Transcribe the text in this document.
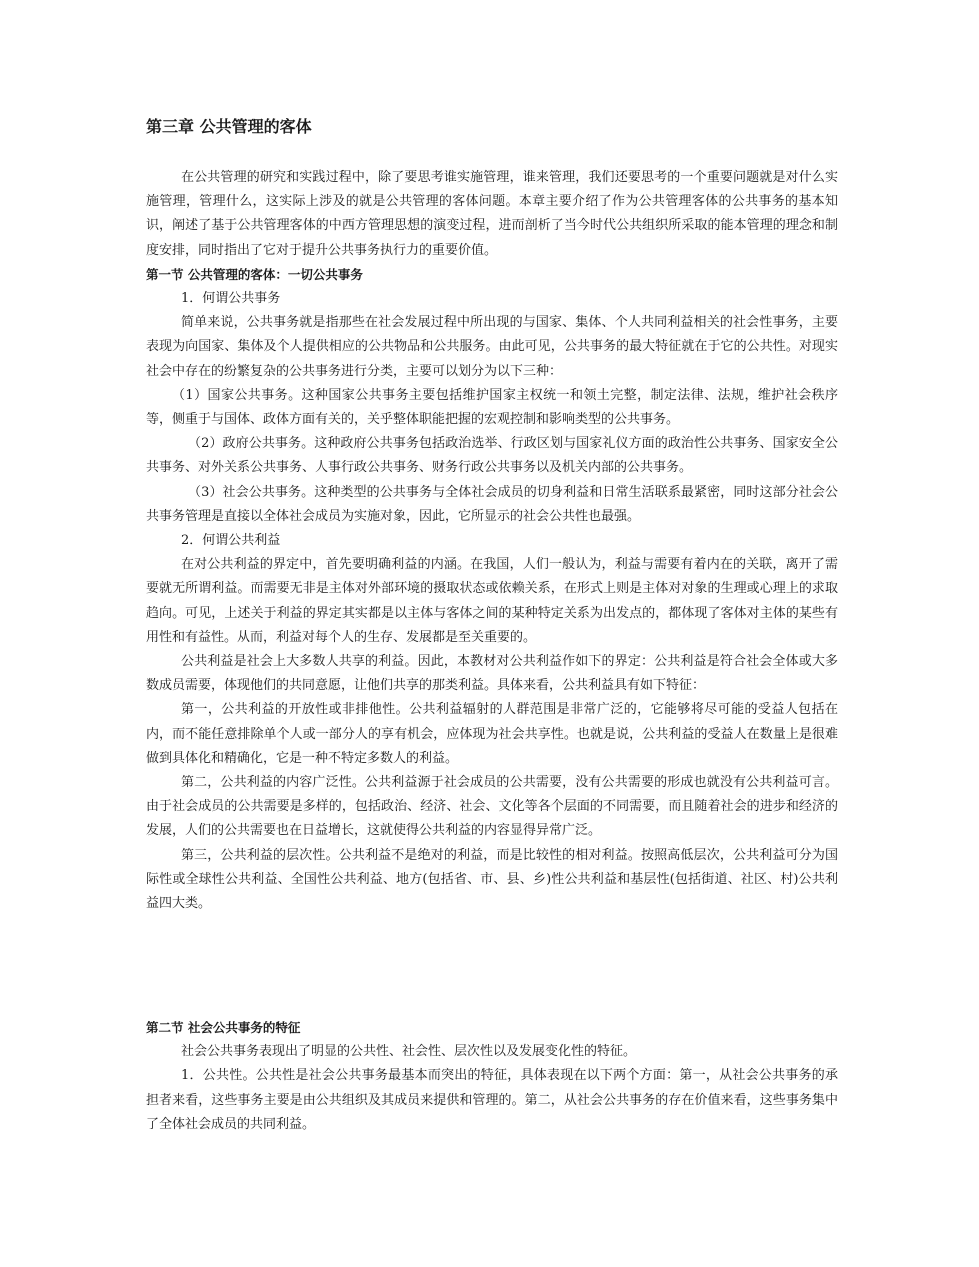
第三章 公共管理的客体

在公共管理的研究和实践过程中，除了要思考谁实施管理，谁来管理，我们还要思考的一个重要问题就是对什么实施管理，管理什么，这实际上涉及的就是公共管理的客体问题。本章主要介绍了作为公共管理客体的公共事务的基本知识，阐述了基于公共管理客体的中西方管理思想的演变过程，进而剖析了当今时代公共组织所采取的能本管理的理念和制度安排，同时指出了它对于提升公共事务执行力的重要价值。

第一节 公共管理的客体：一切公共事务

1．何谓公共事务

简单来说，公共事务就是指那些在社会发展过程中所出现的与国家、集体、个人共同利益相关的社会性事务，主要表现为向国家、集体及个人提供相应的公共物品和公共服务。由此可见，公共事务的最大特征就在于它的公共性。对现实社会中存在的纷繁复杂的公共事务进行分类，主要可以划分为以下三种：

（1）国家公共事务。这种国家公共事务主要包括维护国家主权统一和领土完整，制定法律、法规，维护社会秩序等，侧重于与国体、政体方面有关的，关乎整体职能把握的宏观控制和影响类型的公共事务。

（2）政府公共事务。这种政府公共事务包括政治选举、行政区划与国家礼仪方面的政治性公共事务、国家安全公共事务、对外关系公共事务、人事行政公共事务、财务行政公共事务以及机关内部的公共事务。

（3）社会公共事务。这种类型的公共事务与全体社会成员的切身利益和日常生活联系最紧密，同时这部分社会公共事务管理是直接以全体社会成员为实施对象，因此，它所显示的社会公共性也最强。

2．何谓公共利益

在对公共利益的界定中，首先要明确利益的内涵。在我国，人们一般认为，利益与需要有着内在的关联，离开了需要就无所谓利益。而需要无非是主体对外部环境的摄取状态或依赖关系，在形式上则是主体对对象的生理或心理上的求取趋向。可见，上述关于利益的界定其实都是以主体与客体之间的某种特定关系为出发点的，都体现了客体对主体的某些有用性和有益性。从而，利益对每个人的生存、发展都是至关重要的。

公共利益是社会上大多数人共享的利益。因此，本教材对公共利益作如下的界定：公共利益是符合社会全体或大多数成员需要，体现他们的共同意愿，让他们共享的那类利益。具体来看，公共利益具有如下特征：

第一，公共利益的开放性或非排他性。公共利益辐射的人群范围是非常广泛的，它能够将尽可能的受益人包括在内，而不能任意排除单个人或一部分人的享有机会，应体现为社会共享性。也就是说，公共利益的受益人在数量上是很难做到具体化和精确化，它是一种不特定多数人的利益。

第二，公共利益的内容广泛性。公共利益源于社会成员的公共需要，没有公共需要的形成也就没有公共利益可言。由于社会成员的公共需要是多样的，包括政治、经济、社会、文化等各个层面的不同需要，而且随着社会的进步和经济的发展，人们的公共需要也在日益增长，这就使得公共利益的内容显得异常广泛。

第三，公共利益的层次性。公共利益不是绝对的利益，而是比较性的相对利益。按照高低层次，公共利益可分为国际性或全球性公共利益、全国性公共利益、地方(包括省、市、县、乡)性公共利益和基层性(包括街道、社区、村)公共利益四大类。

第二节 社会公共事务的特征

社会公共事务表现出了明显的公共性、社会性、层次性以及发展变化性的特征。

1．公共性。公共性是社会公共事务最基本而突出的特征，具体表现在以下两个方面：第一，从社会公共事务的承担者来看，这些事务主要是由公共组织及其成员来提供和管理的。第二，从社会公共事务的存在价值来看，这些事务集中了全体社会成员的共同利益。
